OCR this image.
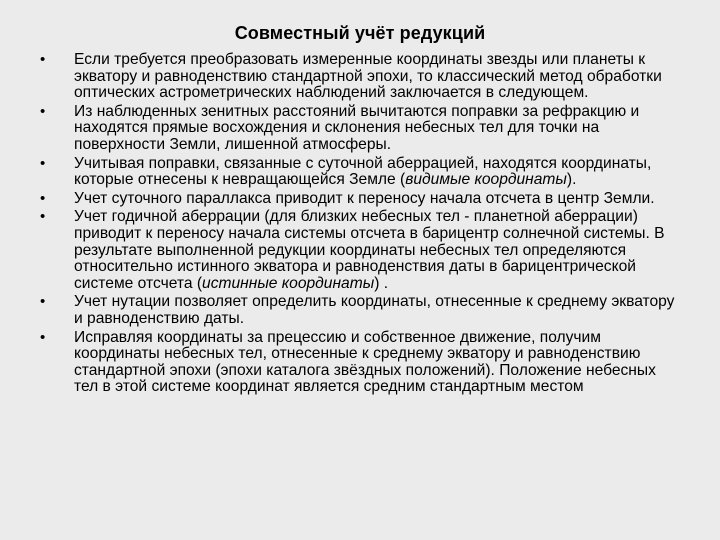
Совместный учёт редукций
•	Если требуется преобразовать измеренные координаты звезды или планеты к экватору и равноденствию стандартной эпохи, то классический метод обработки оптических астрометрических наблюдений заключается в следующем.
•	Из наблюденных зенитных расстояний вычитаются поправки за рефракцию и находятся прямые восхождения и склонения небесных тел для точки на поверхности Земли, лишенной атмосферы.
•	Учитывая поправки, связанные с суточной аберрацией, находятся координаты, которые отнесены к невращающейся Земле (видимые координаты).
•	Учет суточного параллакса приводит к переносу начала отсчета в центр Земли.
•	Учет годичной аберрации (для близких небесных тел - планетной аберрации) приводит к переносу начала системы отсчета в барицентр солнечной системы. В результате выполненной редукции координаты небесных тел определяются относительно истинного экватора и равноденствия даты в барицентрической системе отсчета (истинные координаты) .
•	Учет нутации позволяет определить координаты, отнесенные к среднему экватору и равноденствию даты.
•	Исправляя координаты за прецессию и собственное движение, получим координаты небесных тел, отнесенные к среднему экватору и равноденствию стандартной эпохи (эпохи каталога звёздных положений). Положение небесных тел в этой системе координат является средним стандартным местом
